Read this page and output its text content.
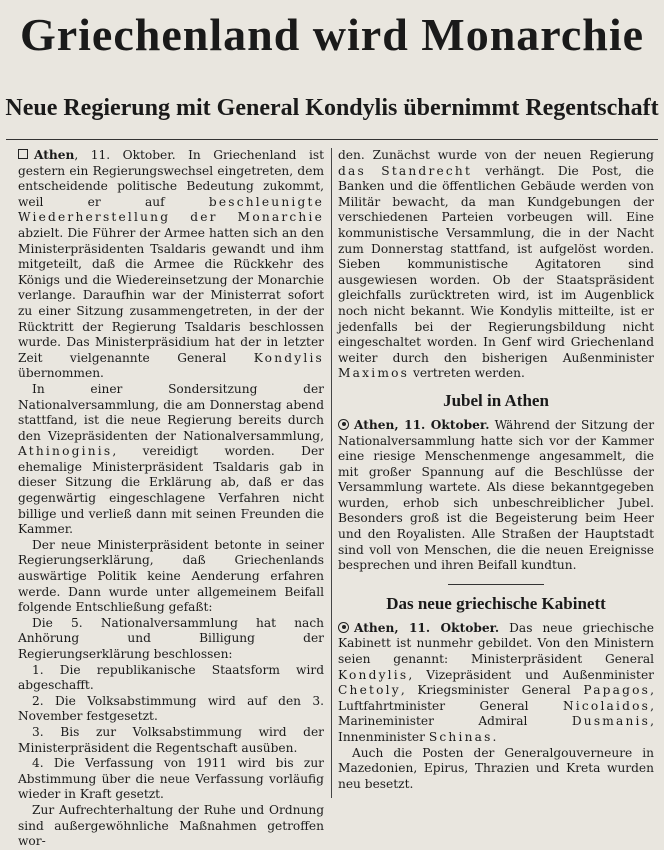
Griechenland wird Monarchie
Neue Regierung mit General Kondylis übernimmt Regentschaft

Athen, 11. Oktober. In Griechenland ist gestern ein Regierungswechsel eingetreten, dem entscheidende politische Bedeutung zukommt, weil er auf	beschleunigte Wiederherstellung der Monarchie abzielt. Die Führer der Armee hatten sich an den Ministerpräsidenten Tsaldaris gewandt und ihm mitgeteilt, daß die Armee die Rückkehr des Königs und die Wiedereinsetzung der Monarchie verlange. Daraufhin war der Ministerrat sofort zu einer Sitzung zusammengetreten, in der der Rücktritt der Regierung Tsaldaris beschlossen wurde. Das Ministerpräsidium hat der in letzter Zeit vielgenannte General Kondylis übernommen.

In einer Sondersitzung der Nationalversammlung, die am Donnerstag abend stattfand, ist die neue Regierung bereits durch den Vizepräsidenten der Nationalversammlung, Athinoginis, vereidigt worden. Der ehemalige Ministerpräsident Tsaldaris gab in dieser Sitzung die Erklärung ab, daß er das gegenwärtig eingeschlagene Verfahren nicht billige und verließ dann mit seinen Freunden die Kammer.

Der neue Ministerpräsident betonte in seiner Regierungserklärung, daß Griechenlands auswärtige Politik keine Aenderung erfahren werde. Dann wurde unter allgemeinem Beifall folgende Entschließung gefaßt:

Die 5. Nationalversammlung hat nach Anhörung und Billigung der Regierungserklärung beschlossen:

1. Die republikanische Staatsform wird abgeschafft.

2. Die Volksabstimmung wird auf den 3. November festgesetzt.

3. Bis zur Volksabstimmung wird der Ministerpräsident die Regentschaft ausüben.

4. Die Verfassung von 1911 wird bis zur Abstimmung über die neue Verfassung vorläufig wieder in Kraft gesetzt.

Zur Aufrechterhaltung der Ruhe und Ordnung sind außergewöhnliche Maßnahmen getroffen wor-

den. Zunächst wurde von der neuen Regierung das Standrecht verhängt. Die Post, die Banken und die öffentlichen Gebäude werden von Militär bewacht, da man Kundgebungen der verschiedenen Parteien vorbeugen will. Eine kommunistische Versammlung, die in der Nacht zum Donnerstag stattfand, ist aufgelöst worden. Sieben kommunistische Agitatoren sind ausgewiesen worden. Ob der Staatspräsident gleichfalls zurücktreten wird, ist im Augenblick noch nicht bekannt. Wie Kondylis mitteilte, ist er jedenfalls bei der Regierungsbildung nicht eingeschaltet worden. In Genf wird Griechenland weiter durch den bisherigen Außenminister Maximos vertreten werden.

Jubel in Athen

Athen, 11. Oktober. Während der Sitzung der Nationalversammlung hatte sich vor der Kammer eine riesige Menschenmenge angesammelt, die mit großer Spannung auf die Beschlüsse der Versammlung wartete. Als diese bekanntgegeben wurden, erhob sich unbeschreiblicher Jubel. Besonders groß ist die Begeisterung beim Heer und den Royalisten. Alle Straßen der Hauptstadt sind voll von Menschen, die die neuen Ereignisse besprechen und ihren Beifall kundtun.

Das neue griechische Kabinett

Athen, 11. Oktober. Das neue griechische Kabinett ist nunmehr gebildet. Von den Ministern seien genannt: Ministerpräsident General Kondylis, Vizepräsident und Außenminister Chetoly, Kriegsminister General Papagos, Luftfahrtminister General	Nicolaidos, Marineminister Admiral	Dusmanis, Innenminister Schinas.

Auch die Posten der Generalgouverneure in Mazedonien, Epirus, Thrazien und Kreta wurden neu besetzt.
